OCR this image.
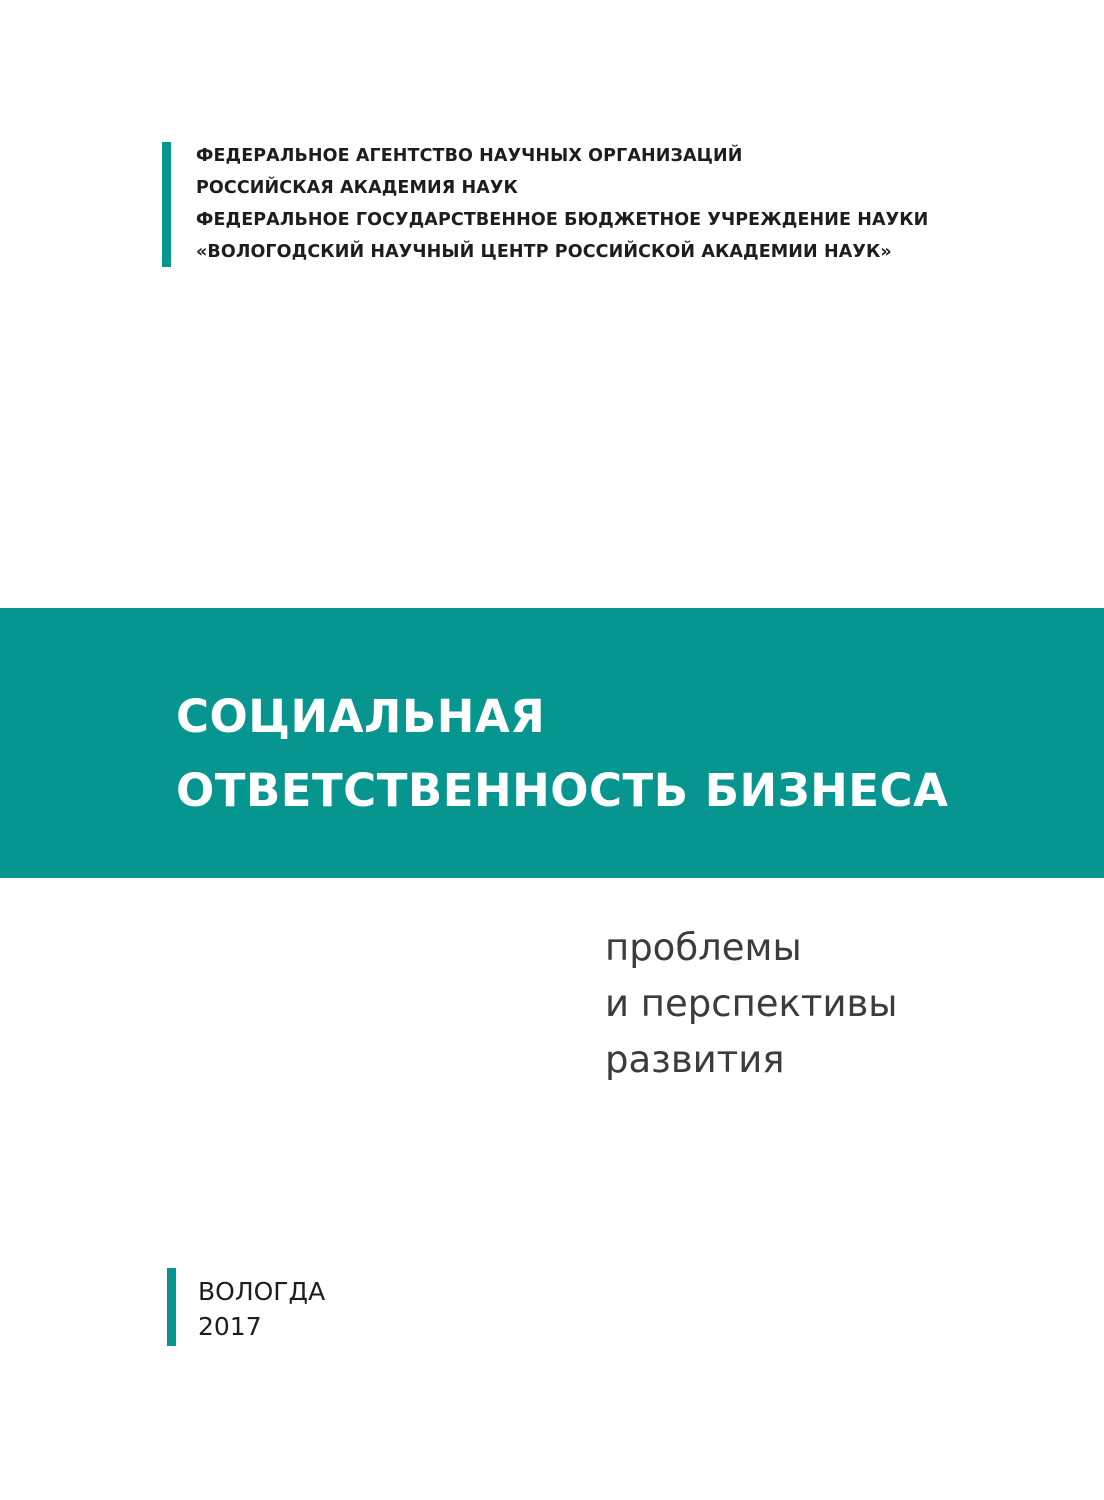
ФЕДЕРАЛЬНОЕ АГЕНТСТВО НАУЧНЫХ ОРГАНИЗАЦИЙ
РОССИЙСКАЯ АКАДЕМИЯ НАУК
ФЕДЕРАЛЬНОЕ ГОСУДАРСТВЕННОЕ БЮДЖЕТНОЕ УЧРЕЖДЕНИЕ НАУКИ
«ВОЛОГОДСКИЙ НАУЧНЫЙ ЦЕНТР РОССИЙСКОЙ АКАДЕМИИ НАУК»
СОЦИАЛЬНАЯ
ОТВЕТСТВЕННОСТЬ БИЗНЕСА
проблемы
и перспективы
развития
ВОЛОГДА
2017
